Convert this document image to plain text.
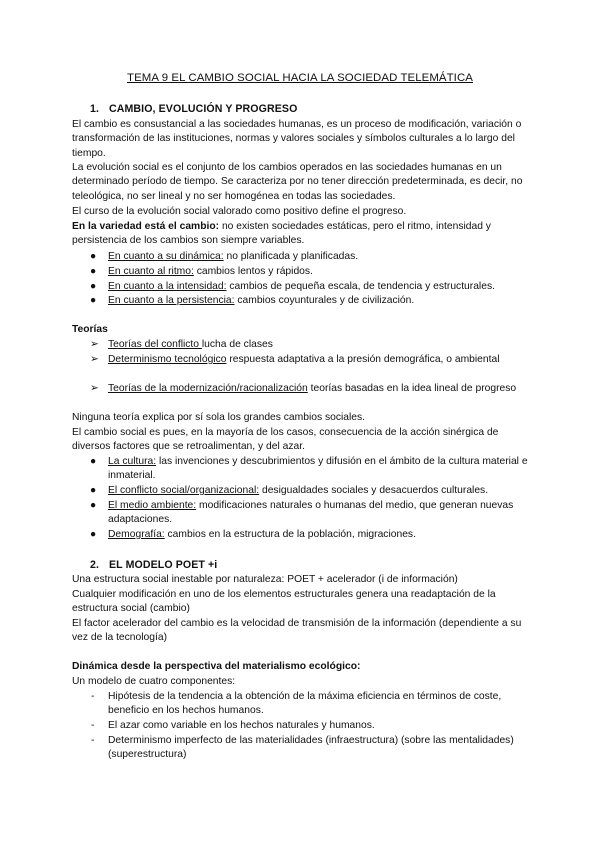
TEMA 9 EL CAMBIO SOCIAL HACIA LA SOCIEDAD TELEMÁTICA
1. CAMBIO, EVOLUCIÓN Y PROGRESO
El cambio es consustancial a las sociedades humanas, es un proceso de modificación, variación o transformación de las instituciones, normas y valores sociales y símbolos culturales a lo largo del tiempo.
La evolución social es el conjunto de los cambios operados en las sociedades humanas en un determinado período de tiempo. Se caracteriza por no tener dirección predeterminada, es decir, no teleológica, no ser lineal y no ser homogénea en todas las sociedades.
El curso de la evolución social valorado como positivo define el progreso.
En la variedad está el cambio: no existen sociedades estáticas, pero el ritmo, intensidad y persistencia de los cambios son siempre variables.
● En cuanto a su dinámica: no planificada y planificadas.
● En cuanto al ritmo: cambios lentos y rápidos.
● En cuanto a la intensidad: cambios de pequeña escala, de tendencia y estructurales.
● En cuanto a la persistencia: cambios coyunturales y de civilización.
Teorías
➢ Teorías del conflicto lucha de clases
➢ Determinismo tecnológico respuesta adaptativa a la presión demográfica, o ambiental
➢ Teorías de la modernización/racionalización teorías basadas en la idea lineal de progreso
Ninguna teoría explica por sí sola los grandes cambios sociales.
El cambio social es pues, en la mayoría de los casos, consecuencia de la acción sinérgica de diversos factores que se retroalimentan, y del azar.
● La cultura: las invenciones y descubrimientos y difusión en el ámbito de la cultura material e inmaterial.
● El conflicto social/organizacional: desigualdades sociales y desacuerdos culturales.
● El medio ambiente: modificaciones naturales o humanas del medio, que generan nuevas adaptaciones.
● Demografía: cambios en la estructura de la población, migraciones.
2. EL MODELO POET +i
Una estructura social inestable por naturaleza: POET + acelerador (i de información)
Cualquier modificación en uno de los elementos estructurales genera una readaptación de la estructura social (cambio)
El factor acelerador del cambio es la velocidad de transmisión de la información (dependiente a su vez de la tecnología)
Dinámica desde la perspectiva del materialismo ecológico:
Un modelo de cuatro componentes:
- Hipótesis de la tendencia a la obtención de la máxima eficiencia en términos de coste, beneficio en los hechos humanos.
- El azar como variable en los hechos naturales y humanos.
- Determinismo imperfecto de las materialidades (infraestructura) (sobre las mentalidades) (superestructura)
